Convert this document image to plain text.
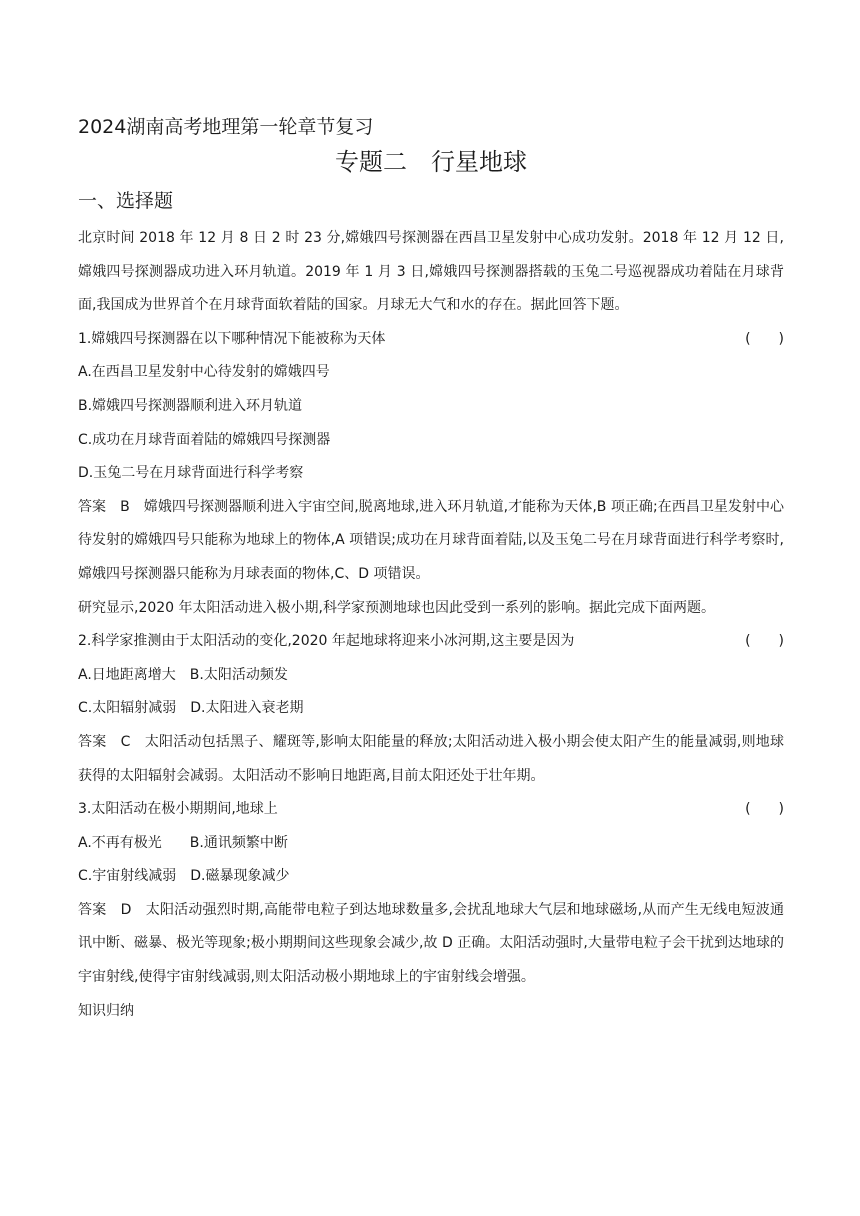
2024湖南高考地理第一轮章节复习
专题二　行星地球
一、选择题

北京时间 2018 年 12 月 8 日 2 时 23 分,嫦娥四号探测器在西昌卫星发射中心成功发射。2018 年 12 月 12 日,嫦娥四号探测器成功进入环月轨道。2019 年 1 月 3 日,嫦娥四号探测器搭载的玉兔二号巡视器成功着陆在月球背面,我国成为世界首个在月球背面软着陆的国家。月球无大气和水的存在。据此回答下题。

1.嫦娥四号探测器在以下哪种情况下能被称为天体	(　　)
A.在西昌卫星发射中心待发射的嫦娥四号
B.嫦娥四号探测器顺利进入环月轨道
C.成功在月球背面着陆的嫦娥四号探测器
D.玉兔二号在月球背面进行科学考察

答案　B　嫦娥四号探测器顺利进入宇宙空间,脱离地球,进入环月轨道,才能称为天体,B 项正确;在西昌卫星发射中心待发射的嫦娥四号只能称为地球上的物体,A 项错误;成功在月球背面着陆,以及玉兔二号在月球背面进行科学考察时,嫦娥四号探测器只能称为月球表面的物体,C、D 项错误。

研究显示,2020 年太阳活动进入极小期,科学家预测地球也因此受到一系列的影响。据此完成下面两题。

2.科学家推测由于太阳活动的变化,2020 年起地球将迎来小冰河期,这主要是因为	(　　)
A.日地距离增大　B.太阳活动频发
C.太阳辐射减弱　D.太阳进入衰老期

答案　C　太阳活动包括黑子、耀斑等,影响太阳能量的释放;太阳活动进入极小期会使太阳产生的能量减弱,则地球获得的太阳辐射会减弱。太阳活动不影响日地距离,目前太阳还处于壮年期。

3.太阳活动在极小期期间,地球上	(　　)
A.不再有极光　　B.通讯频繁中断
C.宇宙射线减弱　D.磁暴现象减少

答案　D　太阳活动强烈时期,高能带电粒子到达地球数量多,会扰乱地球大气层和地球磁场,从而产生无线电短波通讯中断、磁暴、极光等现象;极小期期间这些现象会减少,故 D 正确。太阳活动强时,大量带电粒子会干扰到达地球的宇宙射线,使得宇宙射线减弱,则太阳活动极小期地球上的宇宙射线会增强。

知识归纳
